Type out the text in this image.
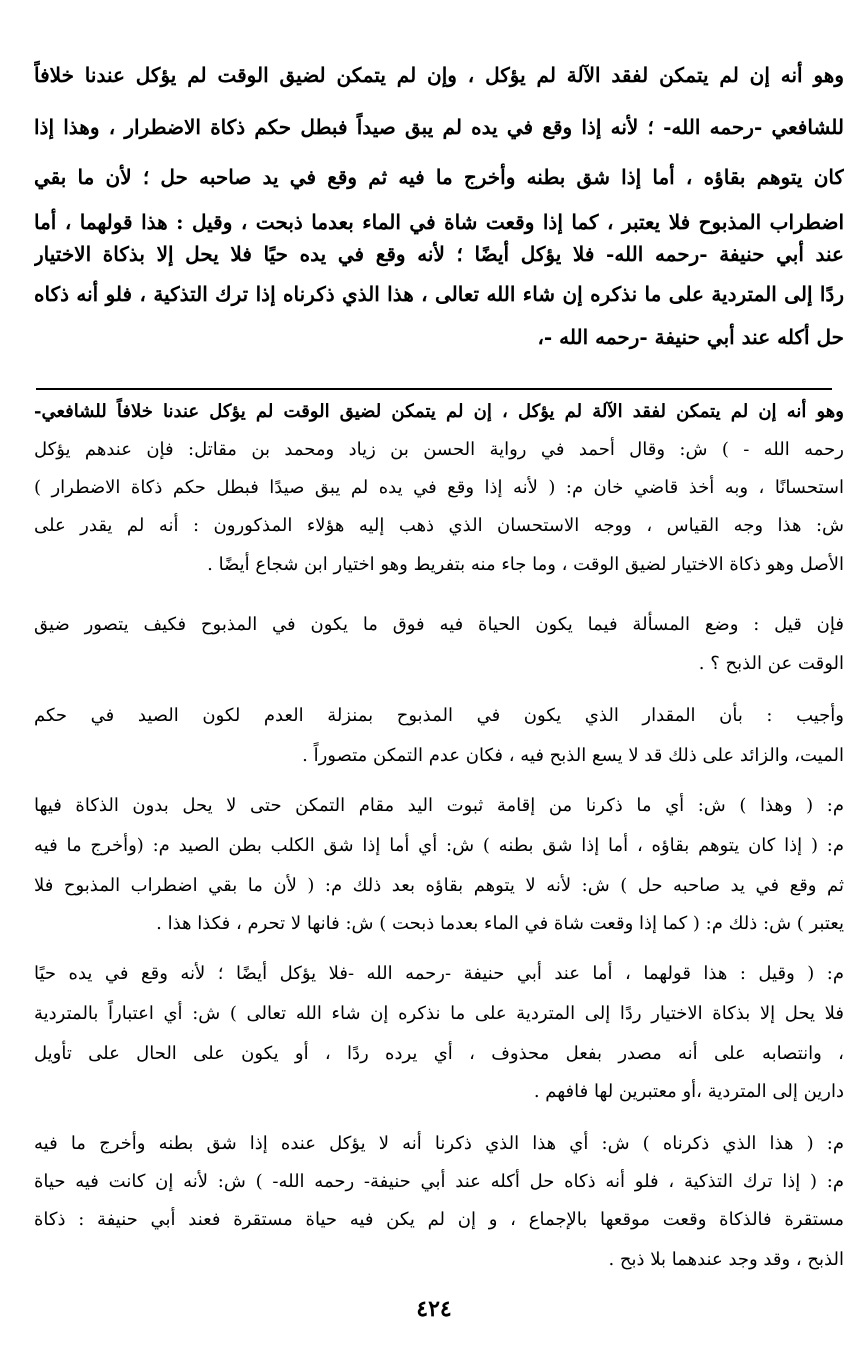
وهو أنه إن لم يتمكن لفقد الآلة لم يؤكل ، وإن لم يتمكن لضيق الوقت لم يؤكل عندنا خلافاً
للشافعي -رحمه الله- ؛ لأنه إذا وقع في يده لم يبق صيداً فبطل حكم ذكاة الاضطرار ، وهذا إذا
كان يتوهم بقاؤه ، أما إذا شق بطنه وأخرج ما فيه ثم وقع في يد صاحبه حل ؛ لأن ما بقي
اضطراب المذبوح فلا يعتبر ، كما إذا وقعت شاة في الماء بعدما ذبحت ، وقيل : هذا قولهما ، أما
عند أبي حنيفة -رحمه الله- فلا يؤكل أيضًا ؛ لأنه وقع في يده حيًا فلا يحل إلا بذكاة الاختيار
ردًا إلى المتردية على ما نذكره إن شاء الله تعالى ، هذا الذي ذكرناه إذا ترك التذكية ، فلو أنه ذكاه
حل أكله عند أبي حنيفة -رحمه الله -،
وهو أنه إن لم يتمكن لفقد الآلة لم يؤكل ، إن لم يتمكن لضيق الوقت لم يؤكل عندنا خلافاً للشافعي-
رحمه الله - ) ش: وقال أحمد في رواية الحسن بن زياد ومحمد بن مقاتل: فإن عندهم يؤكل
استحسانًا ، وبه أخذ قاضي خان م: ( لأنه إذا وقع في يده لم يبق صيدًا فبطل حكم ذكاة الاضطرار )
ش: هذا وجه القياس ، ووجه الاستحسان الذي ذهب إليه هؤلاء المذكورون : أنه لم يقدر على
الأصل وهو ذكاة الاختيار لضيق الوقت ، وما جاء منه بتفريط وهو اختيار ابن شجاع أيضًا .
فإن قيل : وضع المسألة فيما يكون الحياة فيه فوق ما يكون في المذبوح فكيف يتصور ضيق
الوقت عن الذبح ؟ .
وأجيب : بأن المقدار الذي يكون في المذبوح بمنزلة العدم لكون الصيد في حكم
الميت، والزائد على ذلك قد لا يسع الذبح فيه ، فكان عدم التمكن متصوراً .
م: ( وهذا ) ش: أي ما ذكرنا من إقامة ثبوت اليد مقام التمكن حتى لا يحل بدون الذكاة فيها
م: ( إذا كان يتوهم بقاؤه ، أما إذا شق بطنه ) ش: أي أما إذا شق الكلب بطن الصيد م: (وأخرج ما فيه
ثم وقع في يد صاحبه حل ) ش: لأنه لا يتوهم بقاؤه بعد ذلك م: ( لأن ما بقي اضطراب المذبوح فلا
يعتبر ) ش: ذلك م: ( كما إذا وقعت شاة في الماء بعدما ذبحت ) ش: فانها لا تحرم ، فكذا هذا .
م: ( وقيل : هذا قولهما ، أما عند أبي حنيفة -رحمه الله -فلا يؤكل أيضًا ؛ لأنه وقع في يده حيًا
فلا يحل إلا بذكاة الاختيار ردًا إلى المتردية على ما نذكره إن شاء الله تعالى ) ش: أي اعتباراً بالمتردية
، وانتصابه على أنه مصدر بفعل محذوف ، أي يرده ردًا ، أو يكون على الحال على تأويل
دارين إلى المتردية ،أو معتبرين لها فافهم .
م: ( هذا الذي ذكرناه ) ش: أي هذا الذي ذكرنا أنه لا يؤكل عنده إذا شق بطنه وأخرج ما فيه
م: ( إذا ترك التذكية ، فلو أنه ذكاه حل أكله عند أبي حنيفة- رحمه الله- ) ش: لأنه إن كانت فيه حياة
مستقرة فالذكاة وقعت موقعها بالإجماع ، و إن لم يكن فيه حياة مستقرة فعند أبي حنيفة : ذكاة
الذبح ، وقد وجد عندهما بلا ذبح .
٤٢٤
